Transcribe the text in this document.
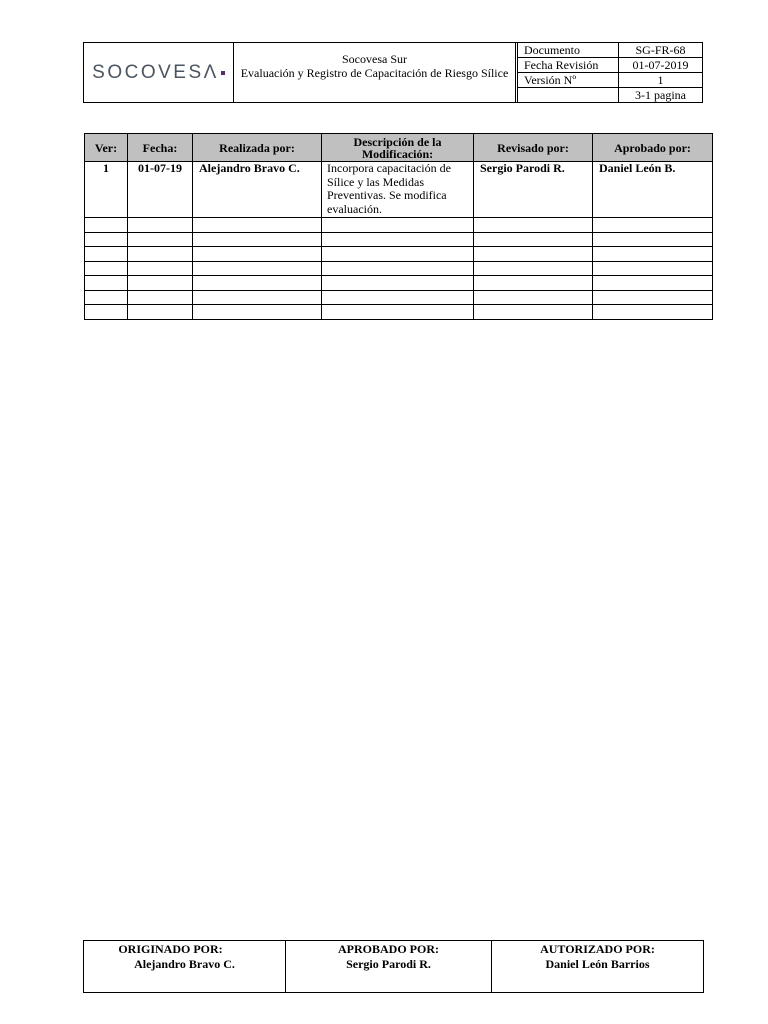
SOCOVESΛ
Socovesa Sur
Evaluación y Registro de Capacitación de Riesgo Sílice
Documento	SG-FR-68
Fecha Revisión	01-07-2019
Versión Nº	1
	3-1 pagina
Ver:	Fecha:	Realizada por:	Descripción de la Modificación:	Revisado por:	Aprobado por:
1	01-07-19	Alejandro Bravo C.	Incorpora capacitación de Sílice y las Medidas Preventivas. Se modifica evaluación.	Sergio Parodi R.	Daniel León B.

ORIGINADO POR:
Alejandro Bravo C.

APROBADO POR:
Sergio Parodi R.

AUTORIZADO POR:
Daniel León Barrios
